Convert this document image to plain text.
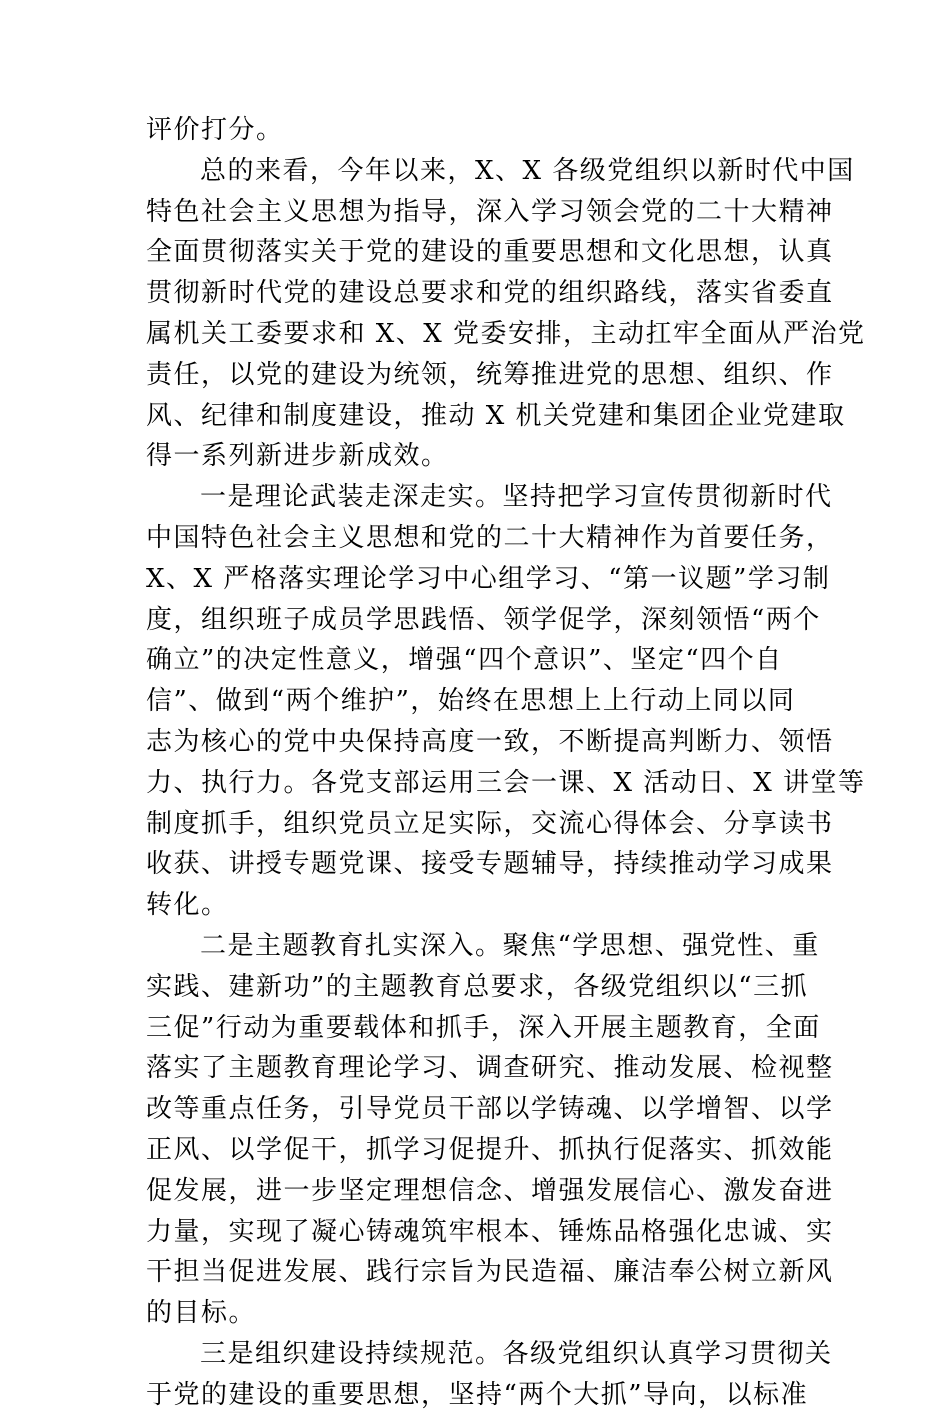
评价打分。

总的来看，今年以来，X、X 各级党组织以新时代中国
特色社会主义思想为指导，深入学习领会党的二十大精神
全面贯彻落实关于党的建设的重要思想和文化思想，认真
贯彻新时代党的建设总要求和党的组织路线，落实省委直
属机关工委要求和 X、X 党委安排，主动扛牢全面从严治党
责任，以党的建设为统领，统筹推进党的思想、组织、作
风、纪律和制度建设，推动 X 机关党建和集团企业党建取
得一系列新进步新成效。

一是理论武装走深走实。坚持把学习宣传贯彻新时代
中国特色社会主义思想和党的二十大精神作为首要任务，
X、X 严格落实理论学习中心组学习、“第一议题”学习制
度，组织班子成员学思践悟、领学促学，深刻领悟“两个
确立”的决定性意义，增强“四个意识”、坚定“四个自
信”、做到“两个维护”，始终在思想上上行动上同以同
志为核心的党中央保持高度一致，不断提高判断力、领悟
力、执行力。各党支部运用三会一课、X 活动日、X 讲堂等
制度抓手，组织党员立足实际，交流心得体会、分享读书
收获、讲授专题党课、接受专题辅导，持续推动学习成果
转化。

二是主题教育扎实深入。聚焦“学思想、强党性、重
实践、建新功”的主题教育总要求，各级党组织以“三抓
三促”行动为重要载体和抓手，深入开展主题教育，全面
落实了主题教育理论学习、调查研究、推动发展、检视整
改等重点任务，引导党员干部以学铸魂、以学增智、以学
正风、以学促干，抓学习促提升、抓执行促落实、抓效能
促发展，进一步坚定理想信念、增强发展信心、激发奋进
力量，实现了凝心铸魂筑牢根本、锤炼品格强化忠诚、实
干担当促进发展、践行宗旨为民造福、廉洁奉公树立新风
的目标。

三是组织建设持续规范。各级党组织认真学习贯彻关
于党的建设的重要思想，坚持“两个大抓”导向，以标准
